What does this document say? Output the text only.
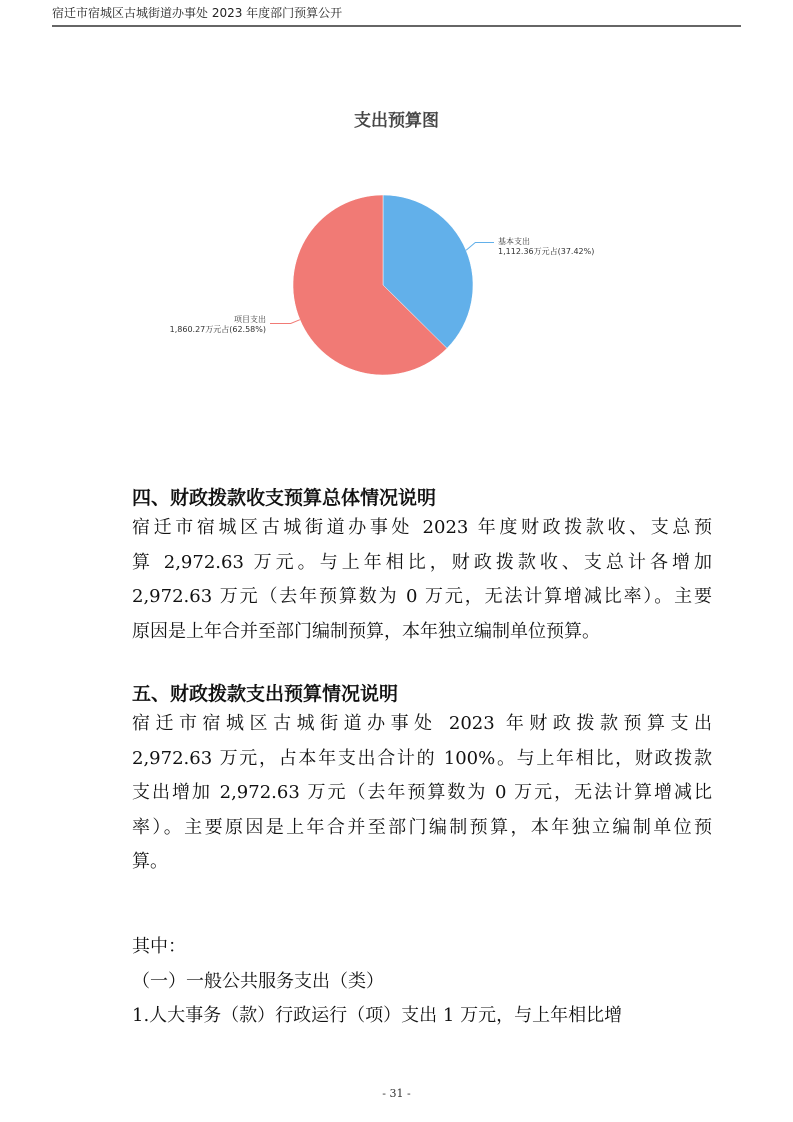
宿迁市宿城区古城街道办事处 2023 年度部门预算公开
支出预算图
基本支出
1,112.36万元占(37.42%)
项目支出
1,860.27万元占(62.58%)
四、财政拨款收支预算总体情况说明
宿迁市宿城区古城街道办事处 2023 年度财政拨款收、支总预
算 2,972.63 万元。与上年相比，财政拨款收、支总计各增加
2,972.63 万元（去年预算数为 0 万元，无法计算增减比率）。主要
原因是上年合并至部门编制预算，本年独立编制单位预算。
五、财政拨款支出预算情况说明
宿迁市宿城区古城街道办事处 2023 年财政拨款预算支出
2,972.63 万元，占本年支出合计的 100%。与上年相比，财政拨款
支出增加 2,972.63 万元（去年预算数为 0 万元，无法计算增减比
率）。主要原因是上年合并至部门编制预算，本年独立编制单位预
算。
其中：
（一）一般公共服务支出（类）
1.人大事务（款）行政运行（项）支出 1 万元，与上年相比增
- 31 -
